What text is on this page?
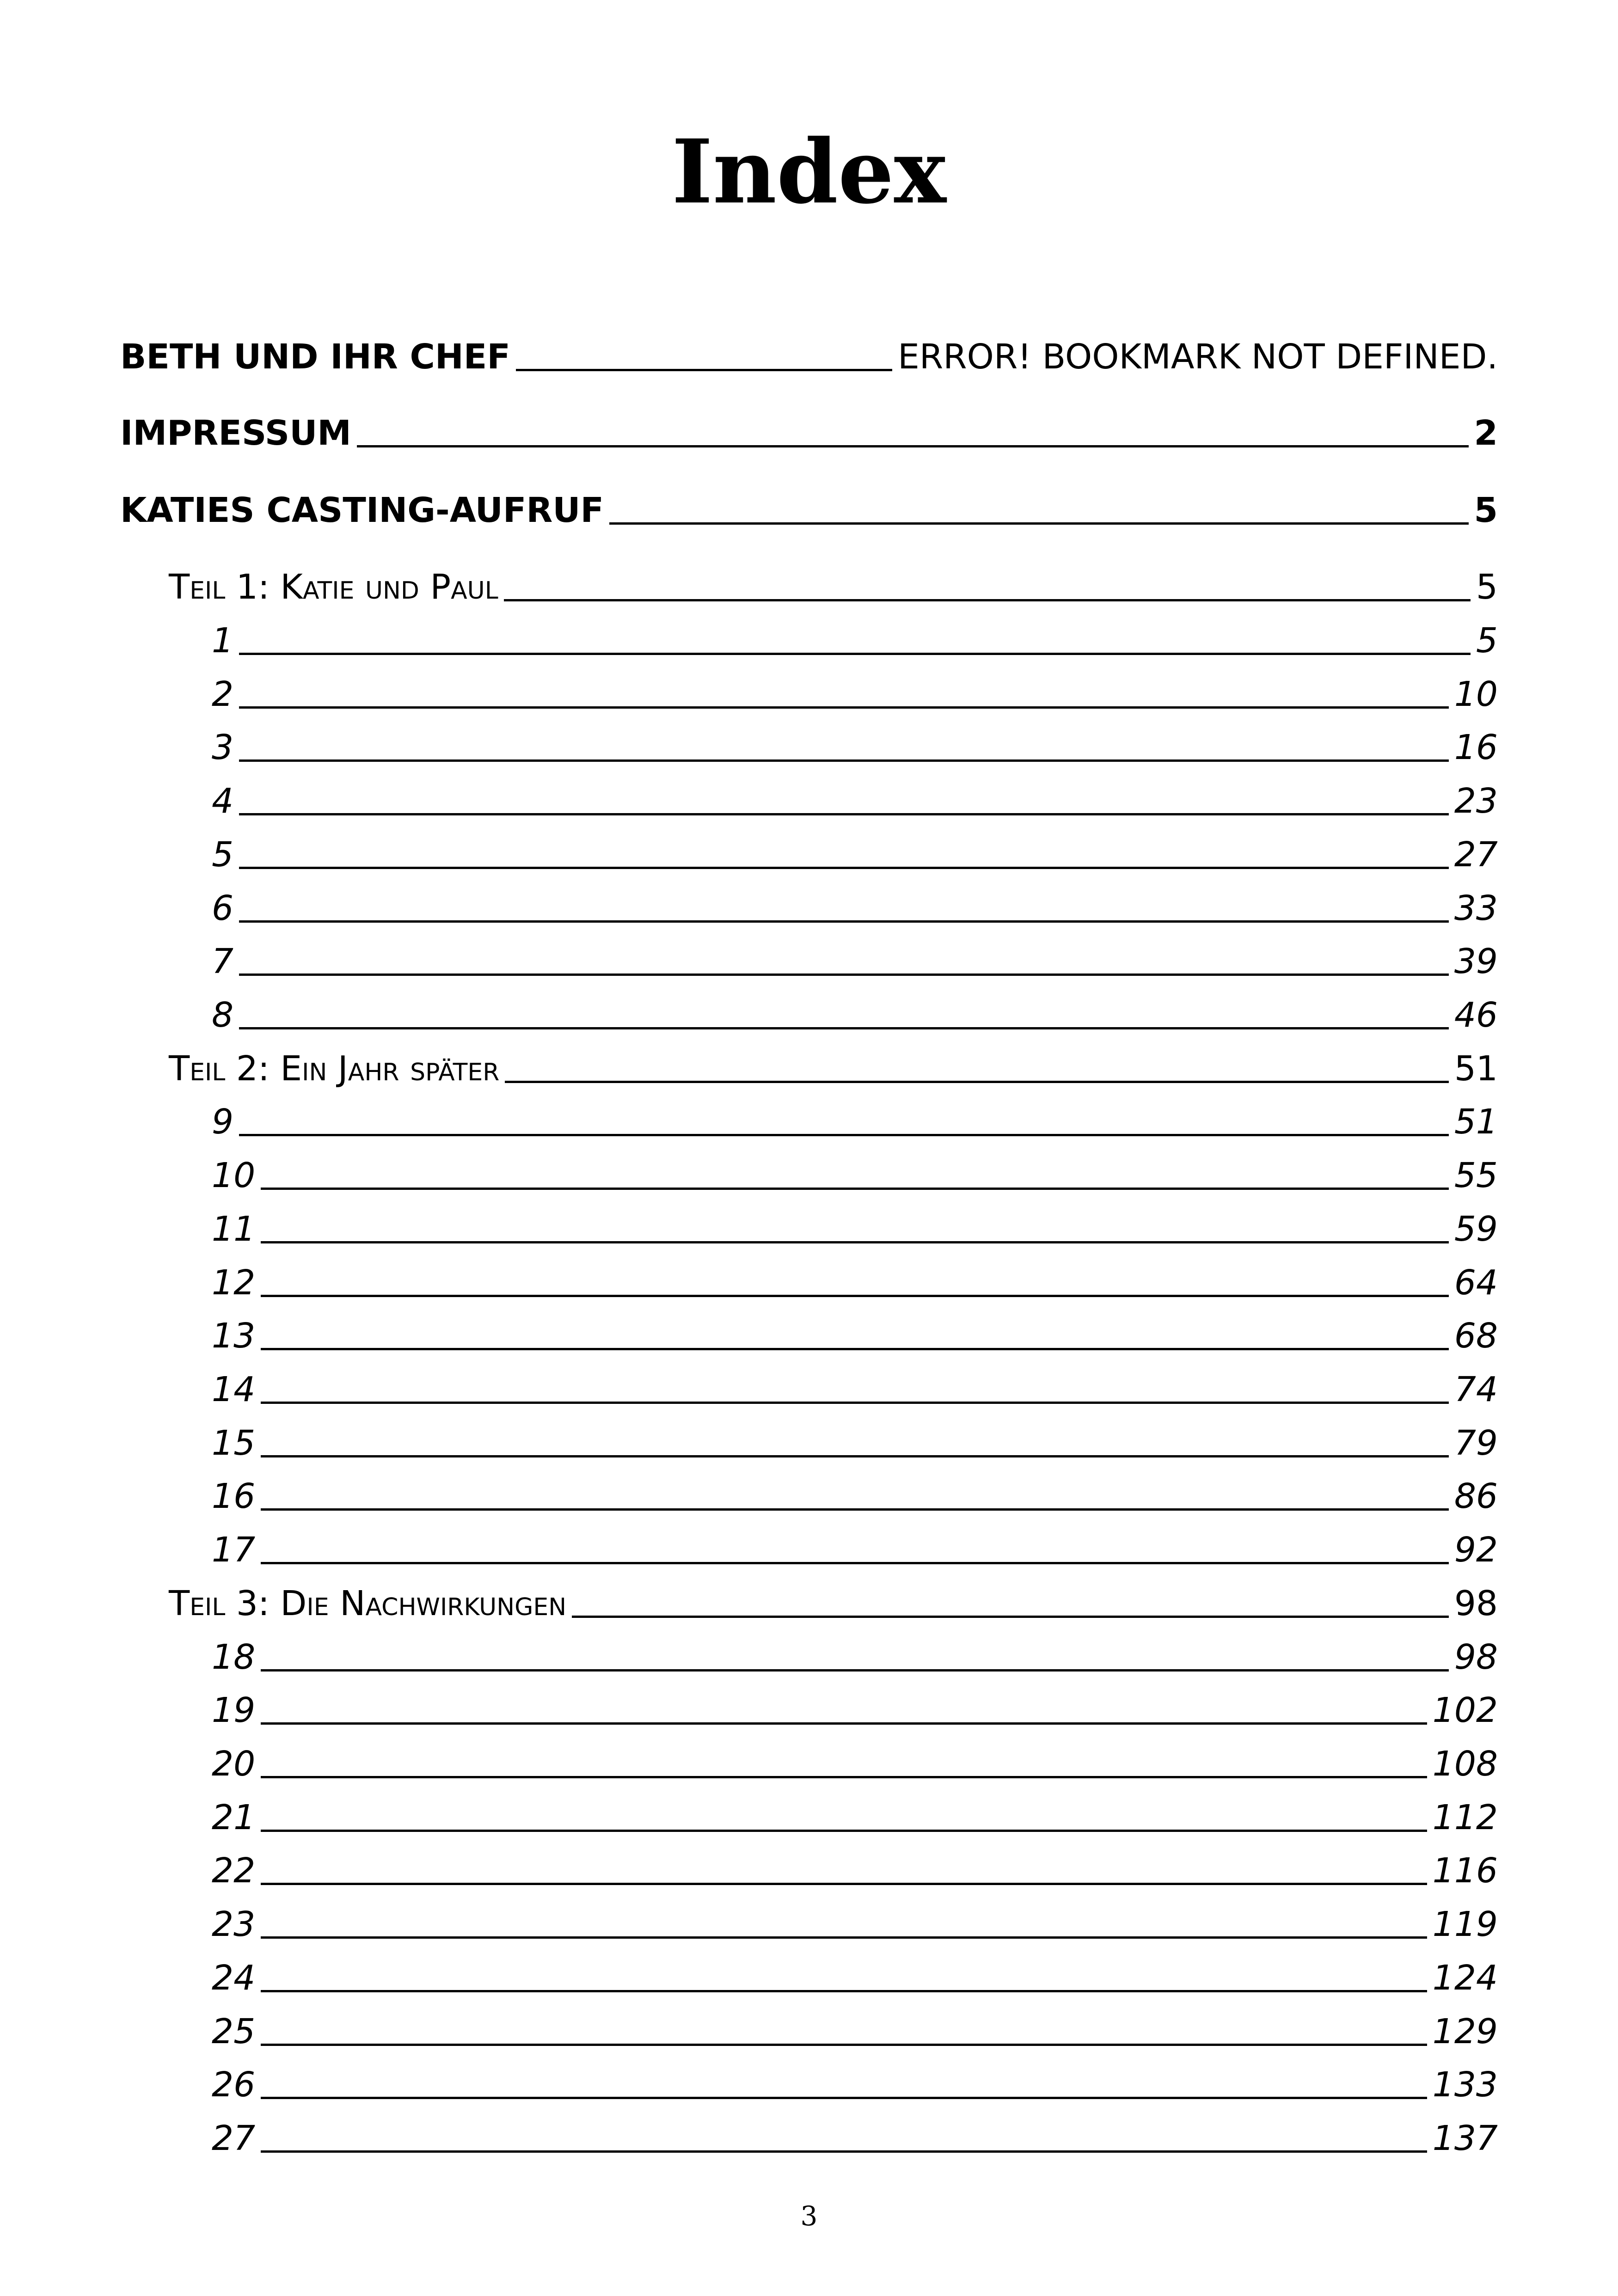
Index
BETH UND IHR CHEF	ERROR! BOOKMARK NOT DEFINED.
IMPRESSUM	2
KATIES CASTING-AUFRUF	5
Teil 1: Katie und Paul	5
1	5
2	10
3	16
4	23
5	27
6	33
7	39
8	46
Teil 2: Ein Jahr später	51
9	51
10	55
11	59
12	64
13	68
14	74
15	79
16	86
17	92
Teil 3: Die Nachwirkungen	98
18	98
19	102
20	108
21	112
22	116
23	119
24	124
25	129
26	133
27	137
3
